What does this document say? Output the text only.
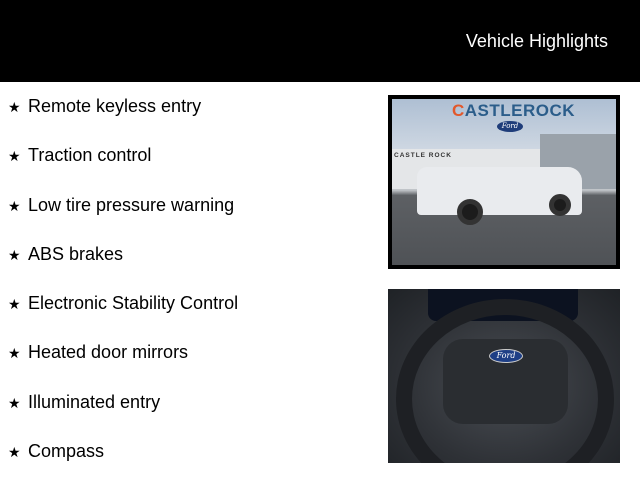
Vehicle Highlights
★ Remote keyless entry
★ Traction control
★ Low tire pressure warning
★ ABS brakes
★ Electronic Stability Control
★ Heated door mirrors
★ Illuminated entry
★ Compass
CASTLE ROCK
CASTLEROCK
Ford
Ford
